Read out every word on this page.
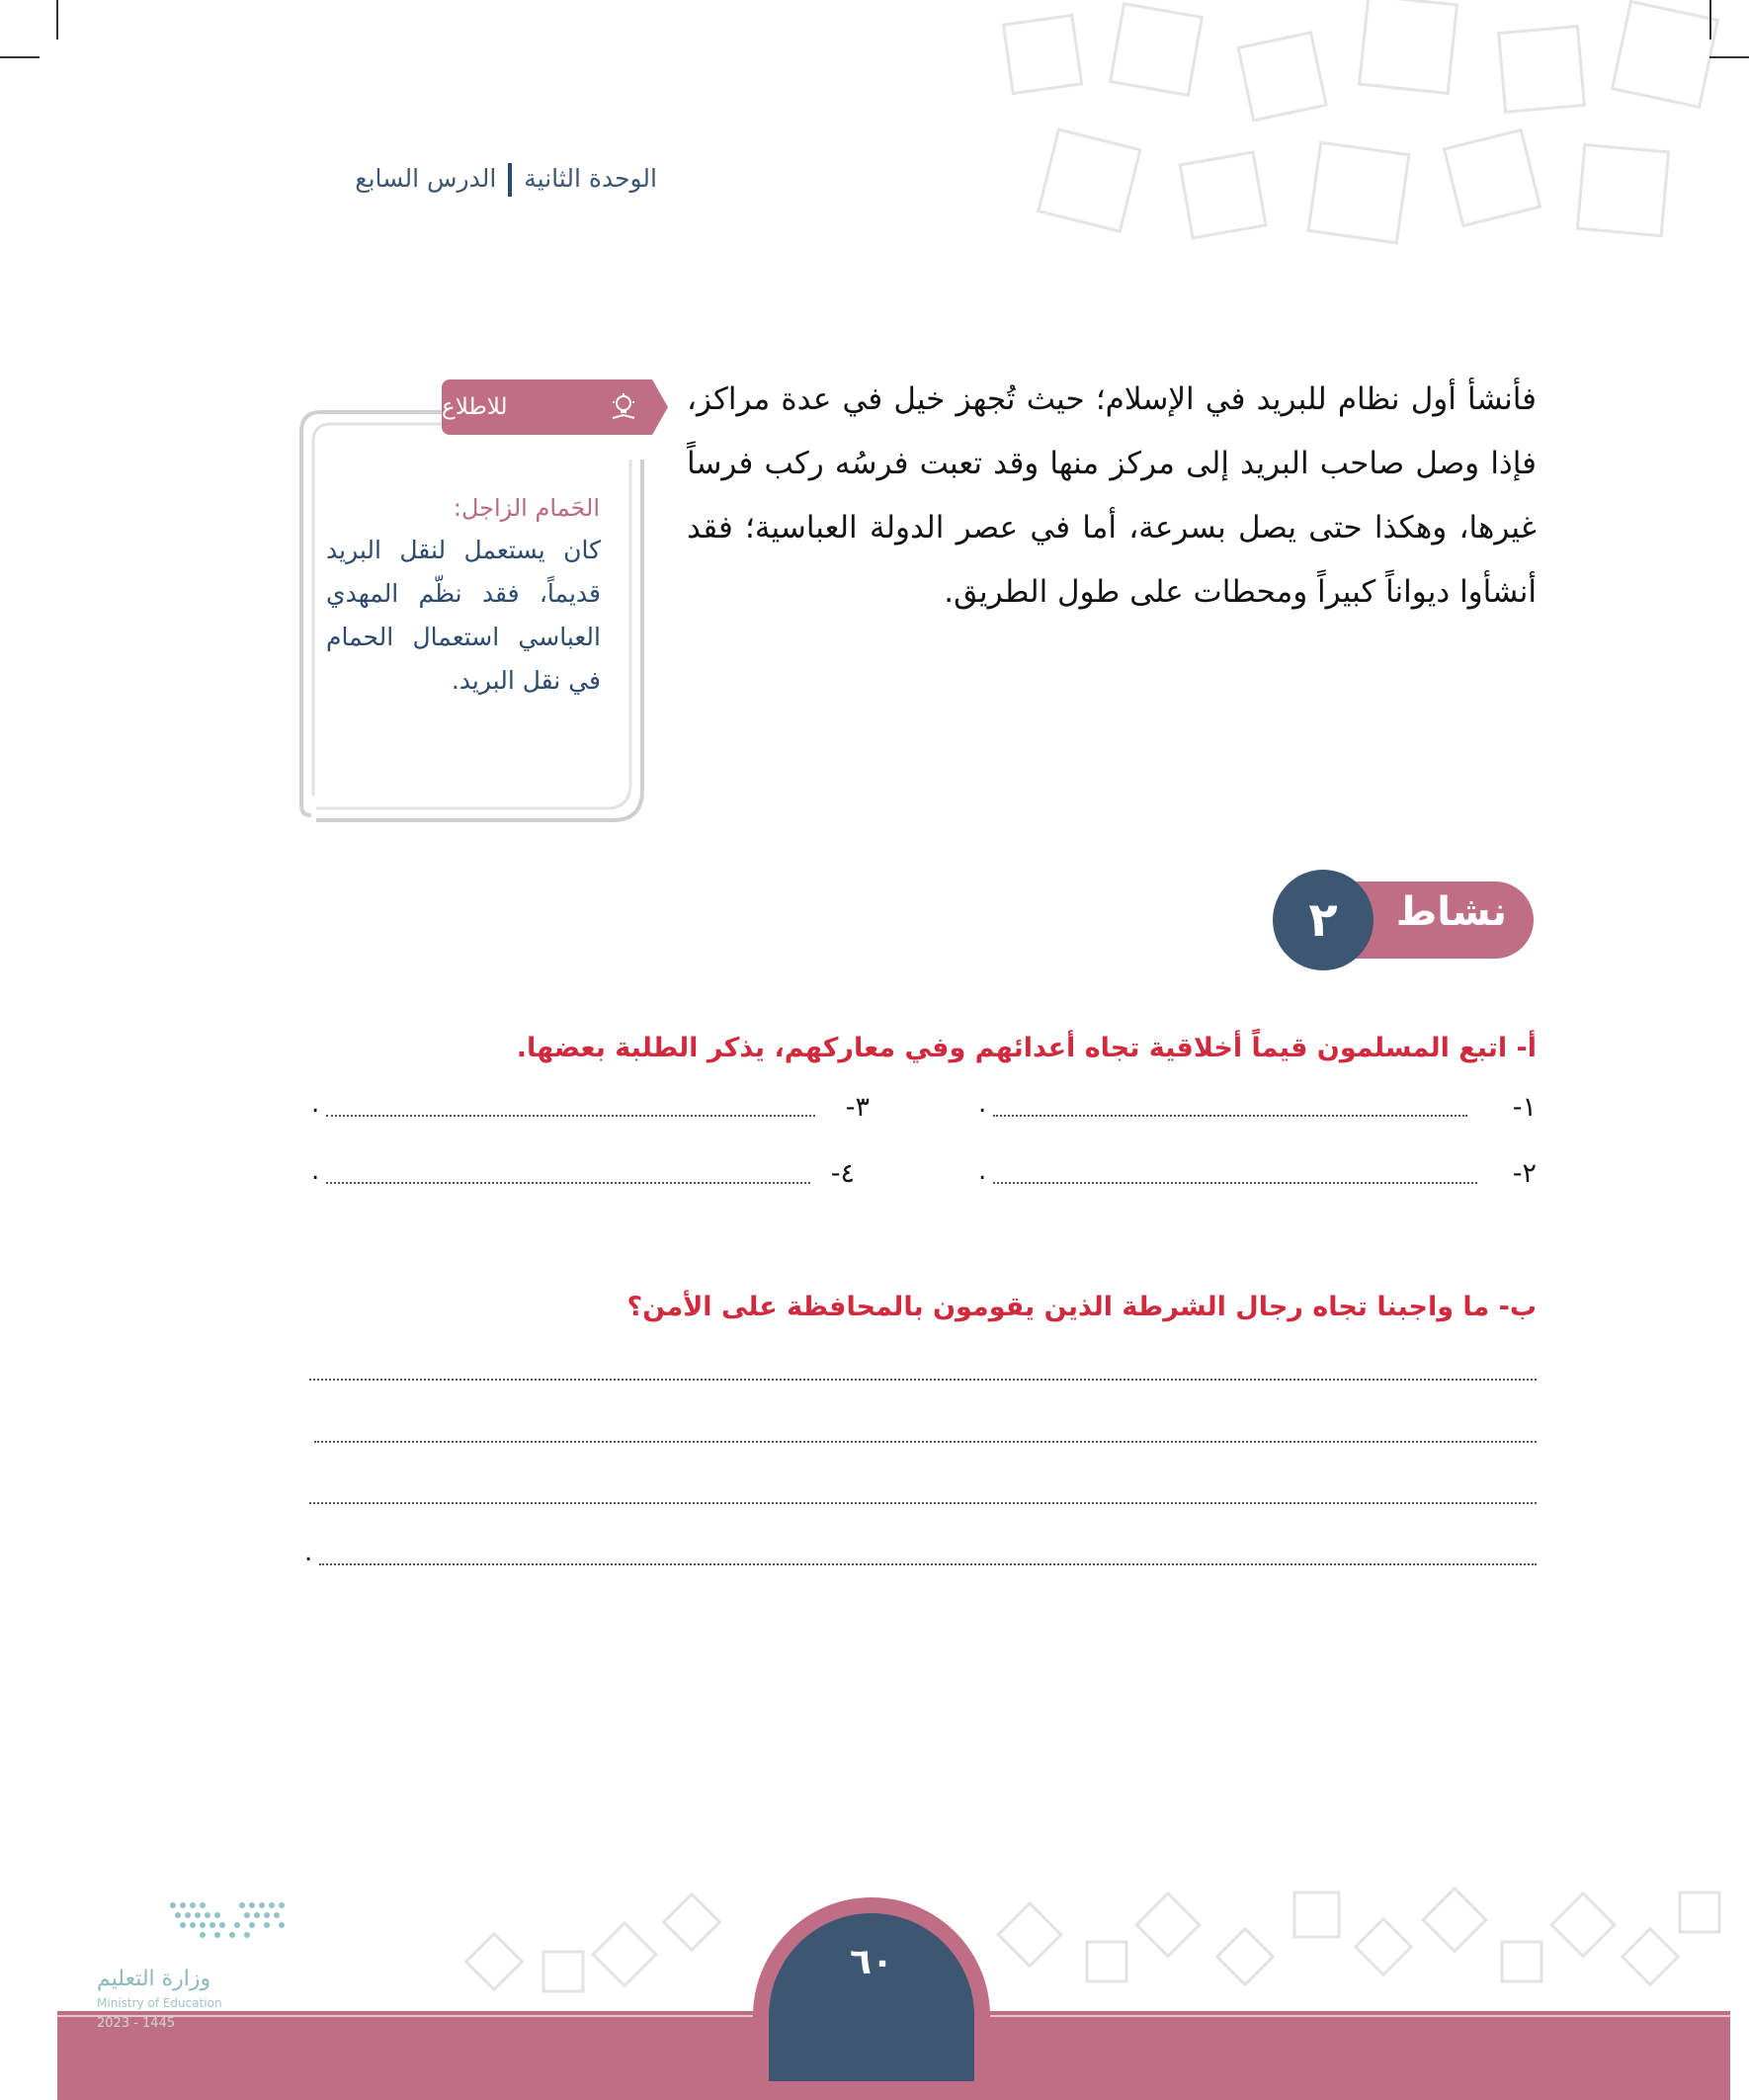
الوحدة الثانيةالدرس السابع
فأنشأ أول نظام للبريد في الإسلام؛ حيث تُجهز خيل في عدة مراكز، فإذا وصل صاحب البريد إلى مركز منها وقد تعبت فرسُه ركب فرساً غيرها، وهكذا حتى يصل بسرعة، أما في عصر الدولة العباسية؛ فقد أنشأوا ديواناً كبيراً ومحطات على طول الطريق.
للاطلاع
الحَمام الزاجل:
كان يستعمل لنقل البريد قديماً، فقد نظّم المهدي العباسي استعمال الحمام في نقل البريد.
نشاط
٢
أ- اتبع المسلمون قيماً أخلاقية تجاه أعدائهم وفي معاركهم، يذكر الطلبة بعضها.
١-
.
٢-
.
٣-
.
٤-
.
ب- ما واجبنا تجاه رجال الشرطة الذين يقومون بالمحافظة على الأمن؟
.
وزارة التعليم
Ministry of Education
2023 - 1445
٦٠
